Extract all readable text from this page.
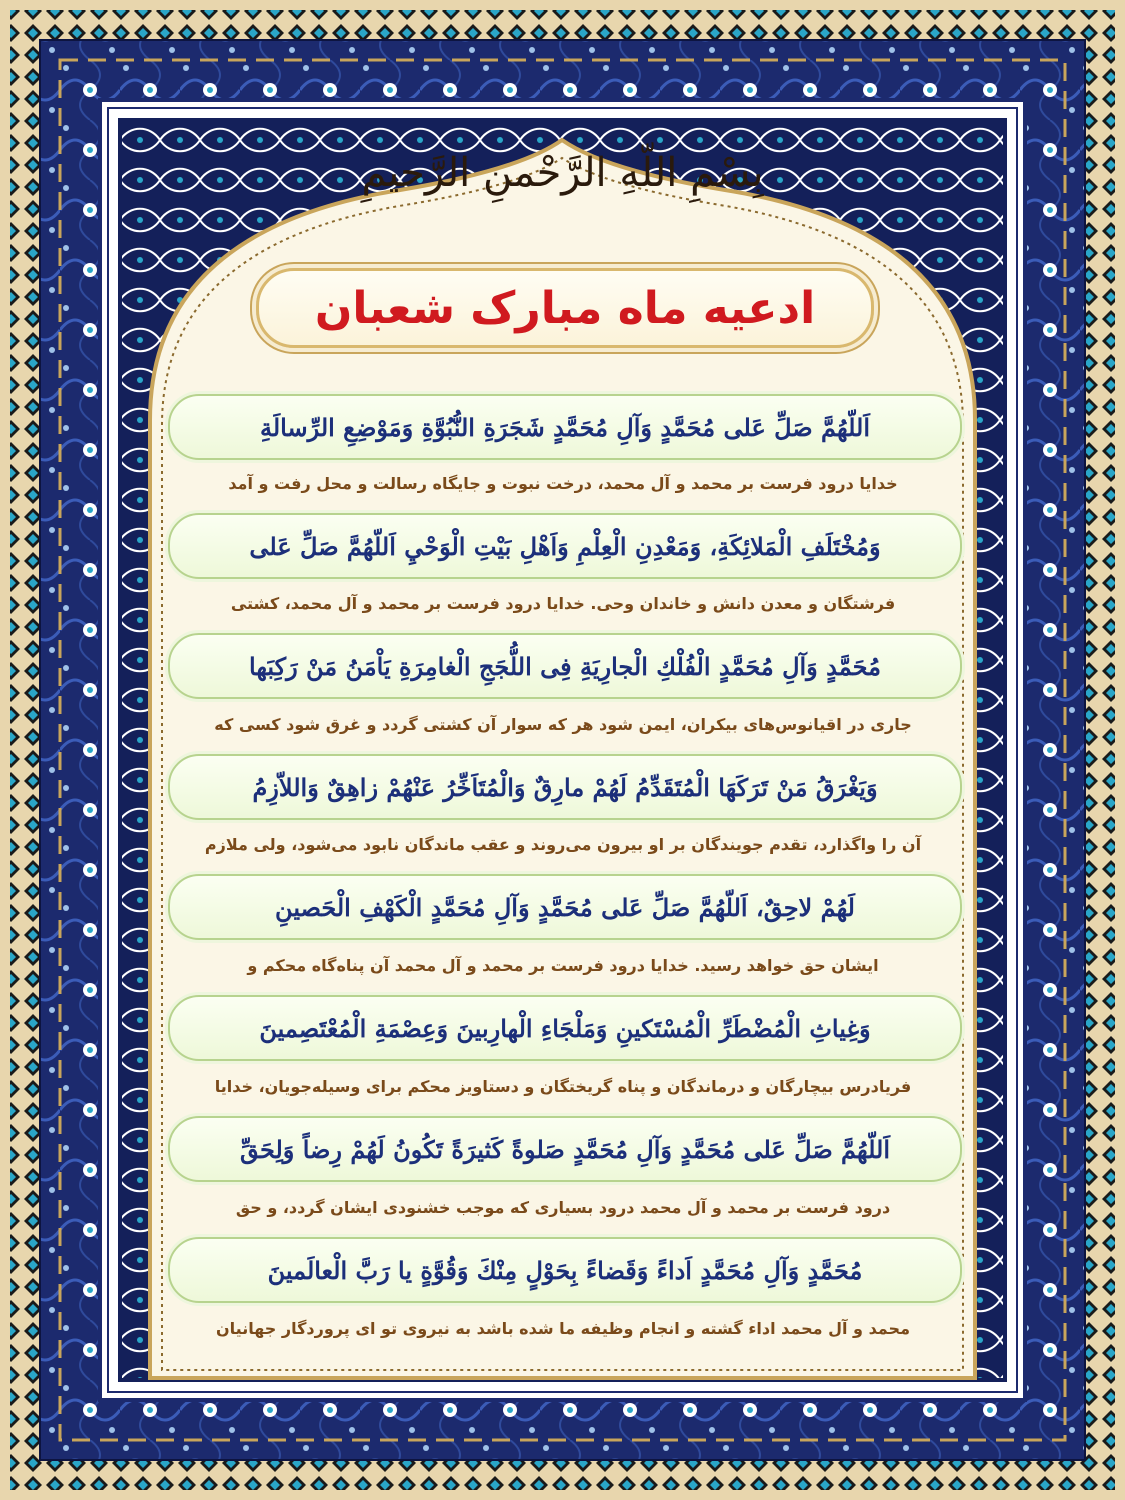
بِسْمِ اللّهِ الرَّحْمنِ الرَّحيمِ
ادعیه ماه مبارک شعبان
اَللّهُمَّ صَلِّ عَلى مُحَمَّدٍ وَآلِ مُحَمَّدٍ شَجَرَةِ النُّبُوَّةِ وَمَوْضِعِ الرِّسالَةِ
خدایا درود فرست بر محمد و آل محمد، درخت نبوت و جایگاه رسالت و محل رفت و آمد
وَمُخْتَلَفِ الْمَلائِكَةِ، وَمَعْدِنِ الْعِلْمِ وَاَهْلِ بَيْتِ الْوَحْيِ اَللّهُمَّ صَلِّ عَلى
فرشتگان و معدن دانش و خاندان وحی. خدایا درود فرست بر محمد و آل محمد، کشتی
مُحَمَّدٍ وَآلِ مُحَمَّدٍ الْفُلْكِ الْجارِيَةِ فِى اللُّجَجِ الْغامِرَةِ يَاْمَنُ مَنْ رَكِبَها
جاری در اقیانوس‌های بیکران، ایمن شود هر که سوار آن کشتی گردد و غرق شود کسی که
وَيَغْرَقُ مَنْ تَرَكَهَا الْمُتَقَدِّمُ لَهُمْ مارِقٌ وَالْمُتَاَخِّرُ عَنْهُمْ زاهِقٌ وَاللاّزِمُ
آن را واگذارد، تقدم جویندگان بر او بیرون می‌روند و عقب ماندگان نابود می‌شود، ولی ملازم
لَهُمْ لاحِقٌ، اَللّهُمَّ صَلِّ عَلى مُحَمَّدٍ وَآلِ مُحَمَّدٍ الْكَهْفِ الْحَصينِ
ایشان حق خواهد رسید. خدایا درود فرست بر محمد و آل محمد آن پناه‌گاه محکم و
وَغِياثِ الْمُضْطَرِّ الْمُسْتَكينِ وَمَلْجَاءِ الْهارِبينَ وَعِصْمَةِ الْمُعْتَصِمينَ
فریادرس بیچارگان و درماندگان و پناه گریختگان و دستاویز محکم برای وسیله‌جویان، خدایا
اَللّهُمَّ صَلِّ عَلى مُحَمَّدٍ وَآلِ مُحَمَّدٍ صَلوةً كَثيرَةً تَكُونُ لَهُمْ رِضاً وَلِحَقِّ
درود فرست بر محمد و آل محمد درود بسیاری که موجب خشنودی ایشان گردد، و حق
مُحَمَّدٍ وَآلِ مُحَمَّدٍ اَداءً وَقَضاءً بِحَوْلٍ مِنْكَ وَقُوَّةٍ يا رَبَّ الْعالَمينَ
محمد و آل محمد اداء گشته و انجام وظیفه ما شده باشد به نیروی تو ای پروردگار جهانیان
